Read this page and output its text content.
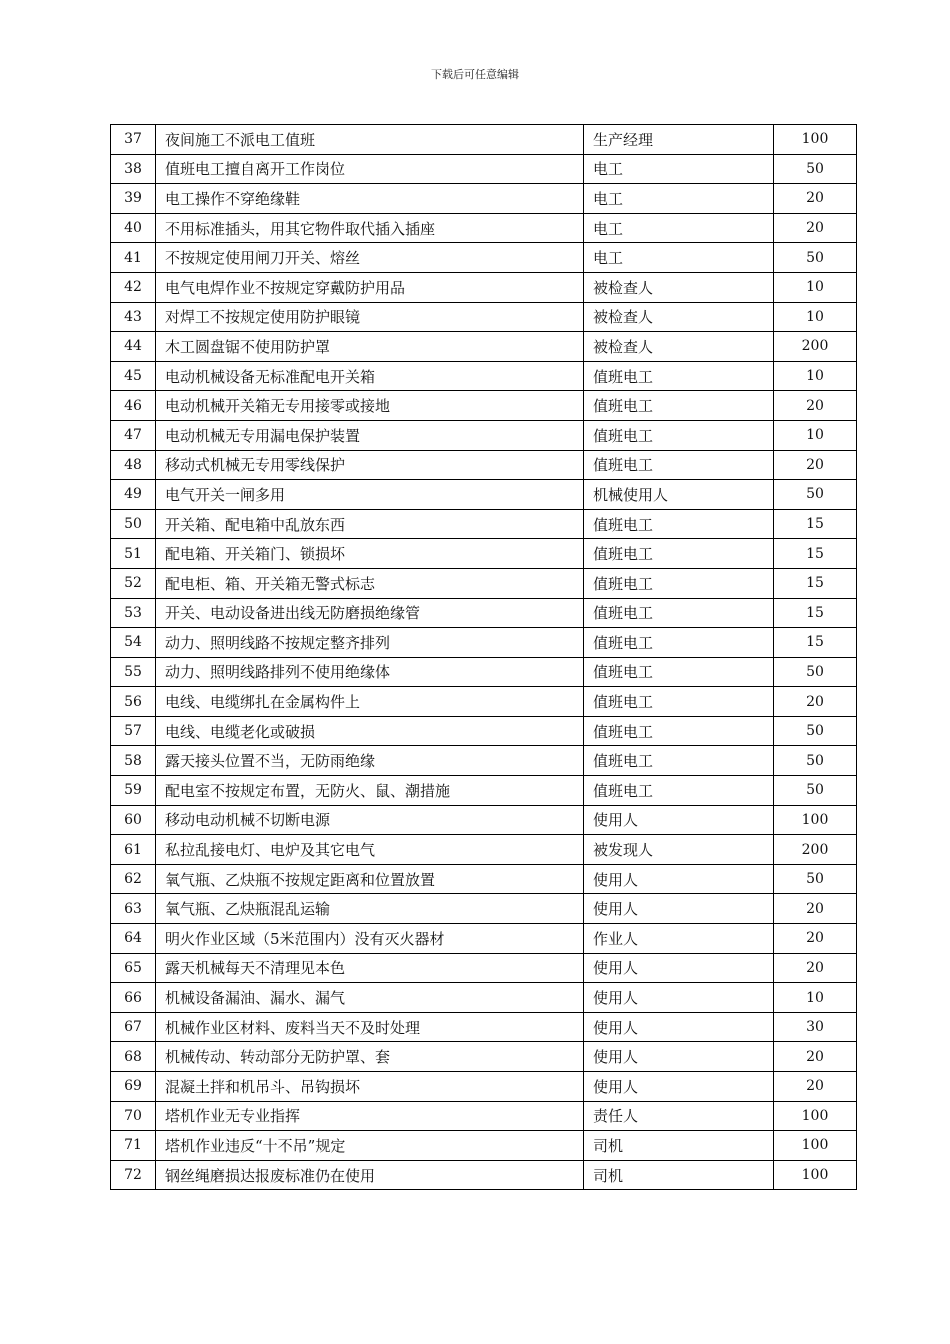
下载后可任意编辑
37	夜间施工不派电工值班	生产经理	100
38	值班电工擅自离开工作岗位	电工	50
39	电工操作不穿绝缘鞋	电工	20
40	不用标准插头，用其它物件取代插入插座	电工	20
41	不按规定使用闸刀开关、熔丝	电工	50
42	电气电焊作业不按规定穿戴防护用品	被检查人	10
43	对焊工不按规定使用防护眼镜	被检查人	10
44	木工圆盘锯不使用防护罩	被检查人	200
45	电动机械设备无标准配电开关箱	值班电工	10
46	电动机械开关箱无专用接零或接地	值班电工	20
47	电动机械无专用漏电保护装置	值班电工	10
48	移动式机械无专用零线保护	值班电工	20
49	电气开关一闸多用	机械使用人	50
50	开关箱、配电箱中乱放东西	值班电工	15
51	配电箱、开关箱门、锁损坏	值班电工	15
52	配电柜、箱、开关箱无警式标志	值班电工	15
53	开关、电动设备进出线无防磨损绝缘管	值班电工	15
54	动力、照明线路不按规定整齐排列	值班电工	15
55	动力、照明线路排列不使用绝缘体	值班电工	50
56	电线、电缆绑扎在金属构件上	值班电工	20
57	电线、电缆老化或破损	值班电工	50
58	露天接头位置不当，无防雨绝缘	值班电工	50
59	配电室不按规定布置，无防火、鼠、潮措施	值班电工	50
60	移动电动机械不切断电源	使用人	100
61	私拉乱接电灯、电炉及其它电气	被发现人	200
62	氧气瓶、乙炔瓶不按规定距离和位置放置	使用人	50
63	氧气瓶、乙炔瓶混乱运输	使用人	20
64	明火作业区域（5米范围内）没有灭火器材	作业人	20
65	露天机械每天不清理见本色	使用人	20
66	机械设备漏油、漏水、漏气	使用人	10
67	机械作业区材料、废料当天不及时处理	使用人	30
68	机械传动、转动部分无防护罩、套	使用人	20
69	混凝土拌和机吊斗、吊钩损坏	使用人	20
70	塔机作业无专业指挥	责任人	100
71	塔机作业违反“十不吊”规定	司机	100
72	钢丝绳磨损达报废标准仍在使用	司机	100
